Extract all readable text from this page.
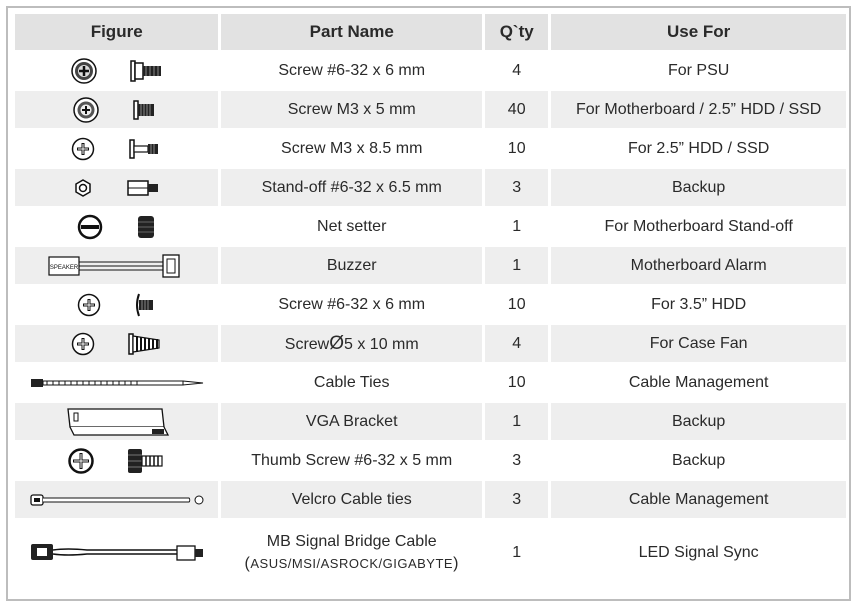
Figure	Part Name	Q`ty	Use For

	Screw #6-32 x 6 mm	4	For PSU

	Screw M3 x 5 mm	40	For Motherboard / 2.5” HDD / SSD

	Screw M3 x 8.5 mm	10	For 2.5” HDD / SSD

	Stand-off #6-32 x 6.5 mm	3	Backup

	Net setter	1	For Motherboard Stand-off

SPEAKER	Buzzer	1	Motherboard Alarm

	Screw #6-32 x 6 mm	10	For 3.5” HDD

	ScrewØ5 x 10 mm	4	For Case Fan

	Cable Ties	10	Cable Management

	VGA Bracket	1	Backup

	Thumb Screw #6-32 x 5 mm	3	Backup

	Velcro Cable ties	3	Cable Management

	MB Signal Bridge Cable
(ASUS/MSI/ASROCK/GIGABYTE)	1	LED Signal Sync
